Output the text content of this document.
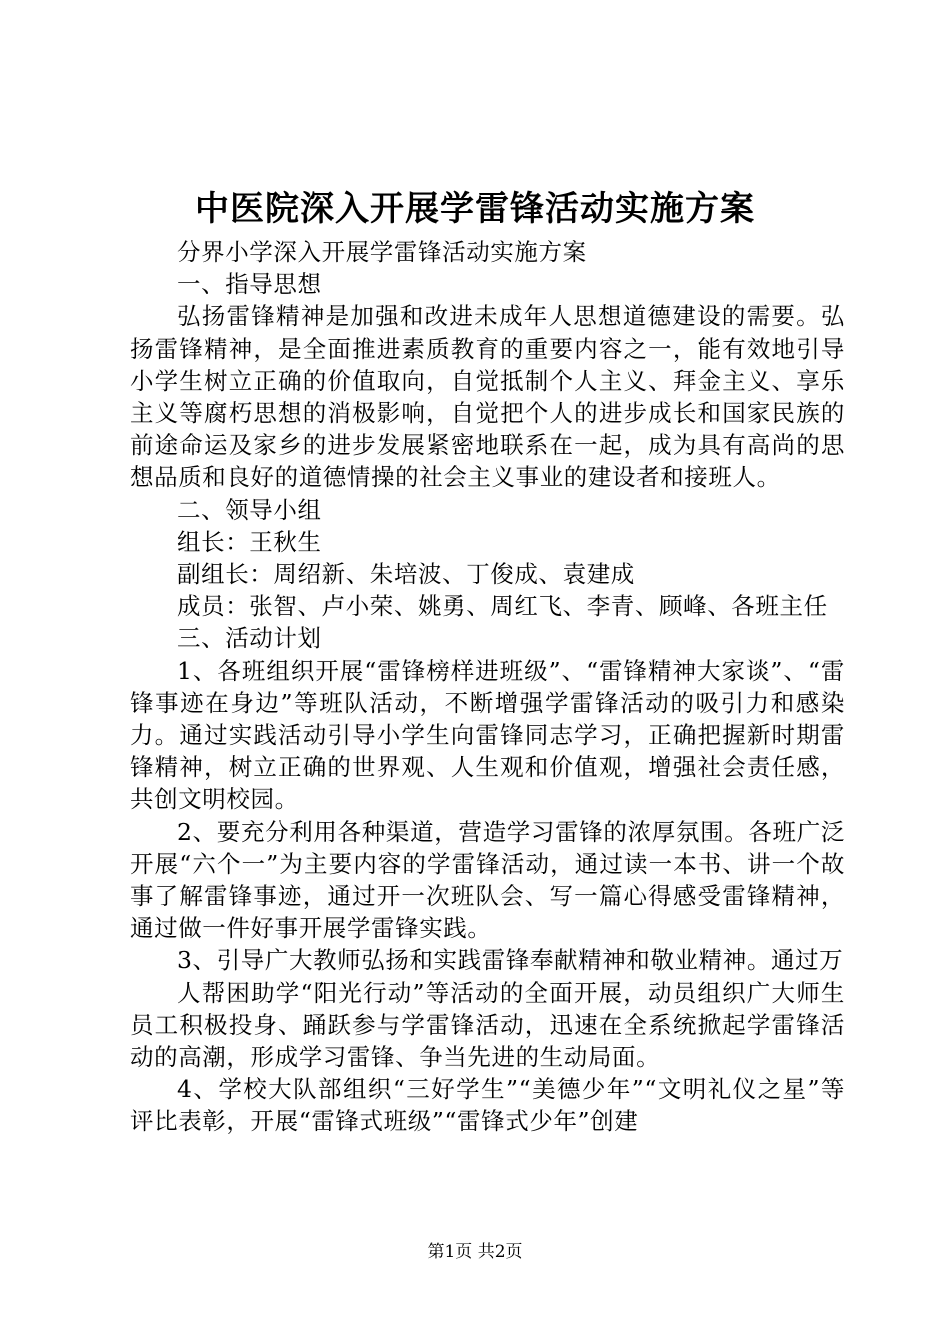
中医院深入开展学雷锋活动实施方案

分界小学深入开展学雷锋活动实施方案

一、指导思想

弘扬雷锋精神是加强和改进未成年人思想道德建设的需要。弘扬雷锋精神，是全面推进素质教育的重要内容之一，能有效地引导小学生树立正确的价值取向，自觉抵制个人主义、拜金主义、享乐主义等腐朽思想的消极影响，自觉把个人的进步成长和国家民族的前途命运及家乡的进步发展紧密地联系在一起，成为具有高尚的思想品质和良好的道德情操的社会主义事业的建设者和接班人。

二、领导小组

组长：王秋生

副组长：周绍新、朱培波、丁俊成、袁建成

成员：张智、卢小荣、姚勇、周红飞、李青、顾峰、各班主任

三、活动计划

1、各班组织开展“雷锋榜样进班级”、“雷锋精神大家谈”、“雷锋事迹在身边”等班队活动，不断增强学雷锋活动的吸引力和感染力。通过实践活动引导小学生向雷锋同志学习，正确把握新时期雷锋精神，树立正确的世界观、人生观和价值观，增强社会责任感，共创文明校园。

2、要充分利用各种渠道，营造学习雷锋的浓厚氛围。各班广泛开展“六个一”为主要内容的学雷锋活动，通过读一本书、讲一个故事了解雷锋事迹，通过开一次班队会、写一篇心得感受雷锋精神，通过做一件好事开展学雷锋实践。

3、引导广大教师弘扬和实践雷锋奉献精神和敬业精神。通过万

人帮困助学“阳光行动”等活动的全面开展，动员组织广大师生员工积极投身、踊跃参与学雷锋活动，迅速在全系统掀起学雷锋活动的高潮，形成学习雷锋、争当先进的生动局面。

4、学校大队部组织“三好学生”“美德少年”“文明礼仪之星”等评比表彰，开展“雷锋式班级”“雷锋式少年”创建

第1页 共2页
